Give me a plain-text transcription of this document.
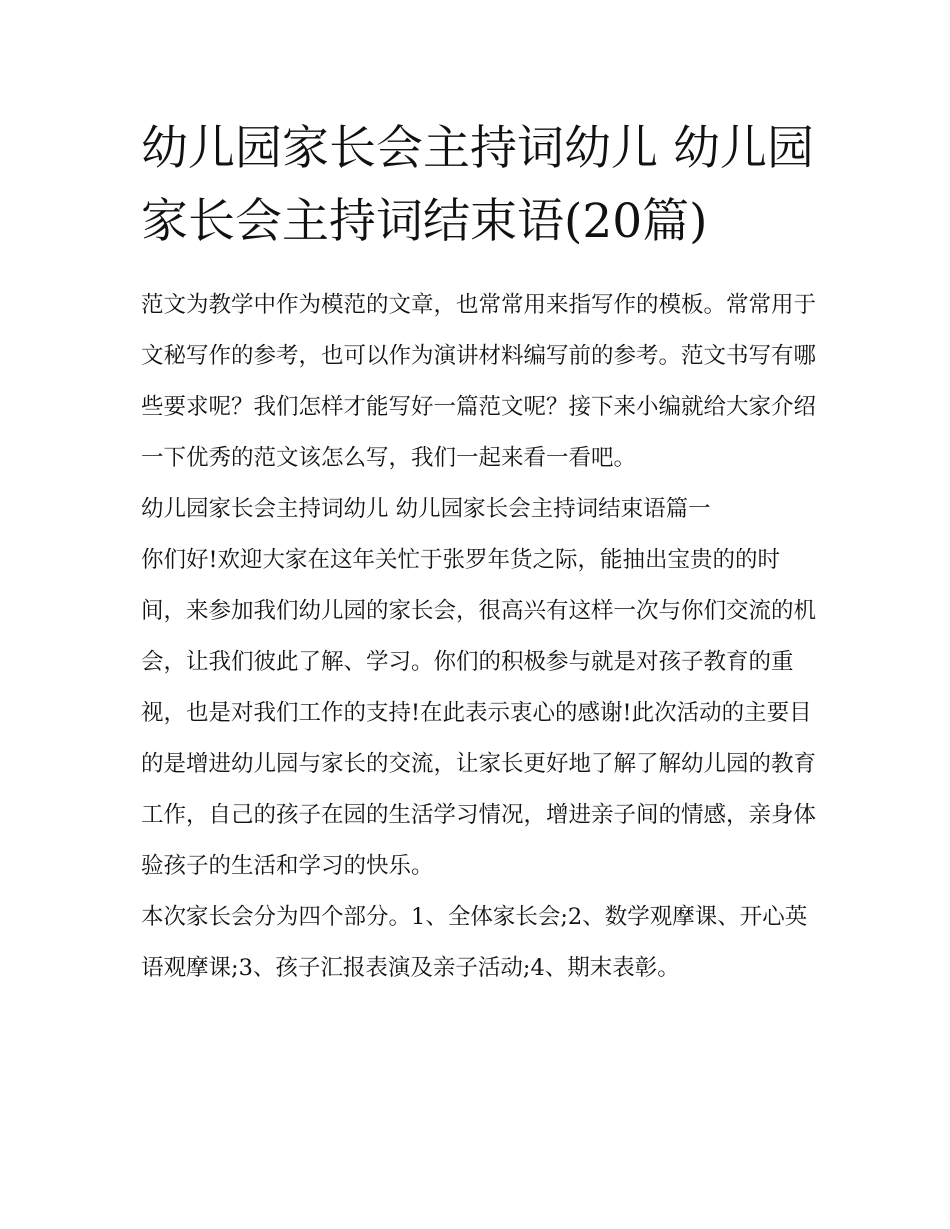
幼儿园家长会主持词幼儿 幼儿园家长会主持词结束语(20篇)

范文为教学中作为模范的文章，也常常用来指写作的模板。常常用于文秘写作的参考，也可以作为演讲材料编写前的参考。范文书写有哪些要求呢？我们怎样才能写好一篇范文呢？接下来小编就给大家介绍一下优秀的范文该怎么写，我们一起来看一看吧。

幼儿园家长会主持词幼儿 幼儿园家长会主持词结束语篇一

你们好!欢迎大家在这年关忙于张罗年货之际，能抽出宝贵的的时间，来参加我们幼儿园的家长会，很高兴有这样一次与你们交流的机会，让我们彼此了解、学习。你们的积极参与就是对孩子教育的重视，也是对我们工作的支持!在此表示衷心的感谢!此次活动的主要目的是增进幼儿园与家长的交流，让家长更好地了解了解幼儿园的教育工作，自己的孩子在园的生活学习情况，增进亲子间的情感，亲身体验孩子的生活和学习的快乐。

本次家长会分为四个部分。1、全体家长会;2、数学观摩课、开心英语观摩课;3、孩子汇报表演及亲子活动;4、期末表彰。
